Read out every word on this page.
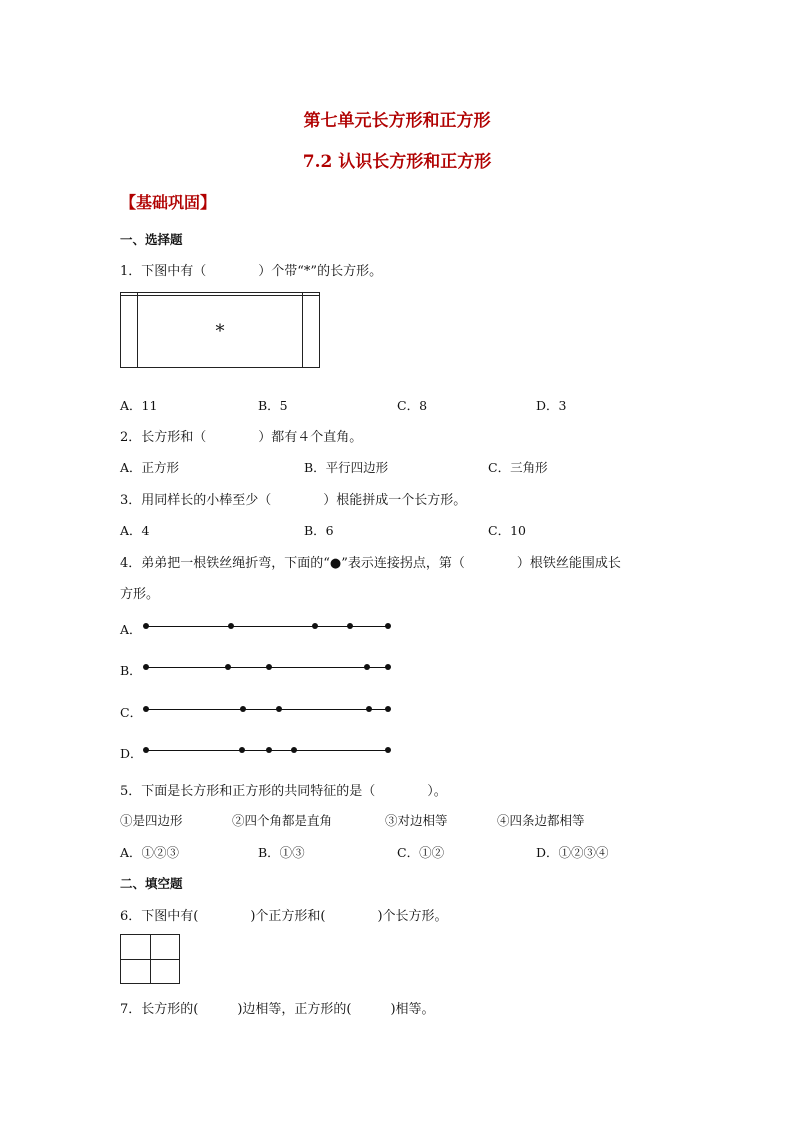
第七单元长方形和正方形
7.2 认识长方形和正方形
【基础巩固】
一、选择题
1．下图中有（　　　　）个带“*”的长方形。

	*	
A．11	B．5	C．8	D．3
2．长方形和（　　　　）都有４个直角。
A．正方形	B．平行四边形	C．三角形
3．用同样长的小棒至少（　　　　）根能拼成一个长方形。
A．4	B．6	C．10
4．弟弟把一根铁丝绳折弯，下面的“●”表示连接拐点，第（　　　　）根铁丝能围成长
方形。
A．
B．
C．
D．
5．下面是长方形和正方形的共同特征的是（　　　　）。
①是四边形	②四个角都是直角	③对边相等	④四条边都相等
A．①②③	B．①③	C．①②	D．①②③④
二、填空题
6．下图中有(　　　　)个正方形和(　　　　)个长方形。

7．长方形的(　　　)边相等，正方形的(　　　)相等。
